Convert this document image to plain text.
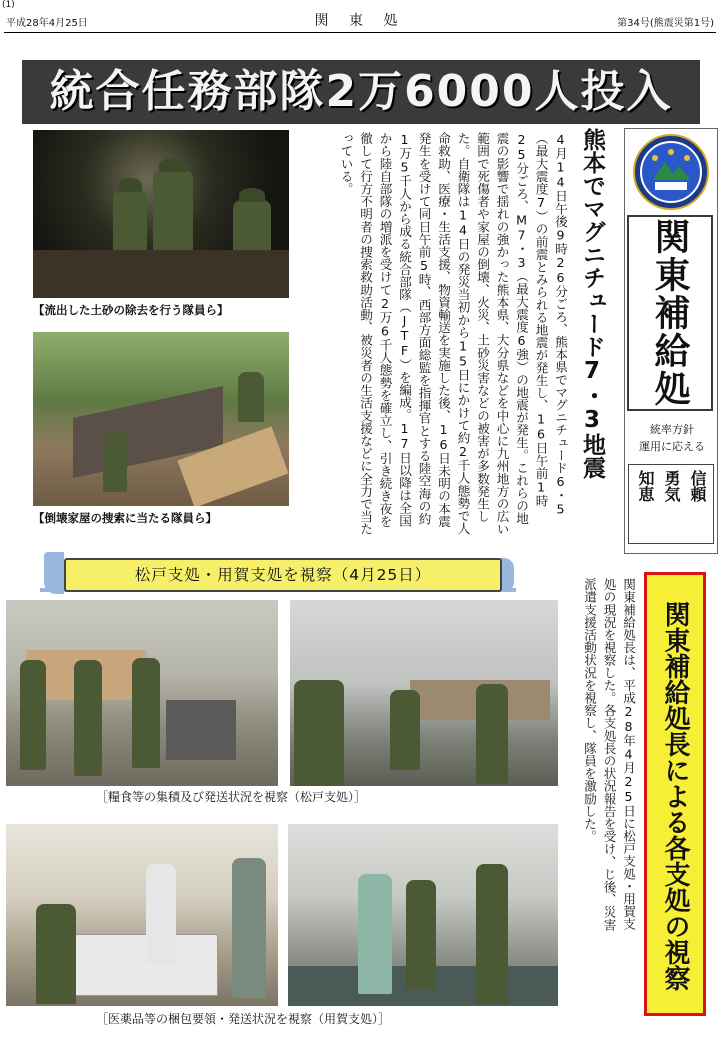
(1)
平成28年4月25日	関 東 処	第34号(熊震災第1号)
統合任務部隊2万6000人投入
【流出した土砂の除去を行う隊員ら】
【倒壊家屋の捜索に当たる隊員ら】
熊本でマグニチュード7・3地震
4月14日午後9時26分ごろ、熊本県でマグニチュード6・5（最大震度7）の前震とみられる地震が発生し、16日午前1時25分ごろ、M7・3（最大震度6強）の地震が発生。これらの地震の影響で揺れの強かった熊本県、大分県などを中心に九州地方の広い範囲で死傷者や家屋の倒壊、火災、土砂災害などの被害が多数発生した。自衛隊は14日の発災当初から15日にかけて約2千人態勢で人命救助、医療・生活支援、物資輸送を実施した後、16日未明の本震発生を受けて同日午前5時、西部方面総監を指揮官とする陸空海の約1万5千人から成る統合部隊（JTF）を編成。17日以降は全国から陸自部隊の増派を受けて2万6千人態勢を確立し、引き続き夜を徹して行方不明者の捜索救助活動、被災者の生活支援などに全力で当たっている。
関東補給処
統率方針
運用に応える
信頼
勇気
知恵
松戸支処・用賀支処を視察（4月25日）
［糧食等の集積及び発送状況を視察（松戸支処）］
［医薬品等の梱包要領・発送状況を視察（用賀支処）］
関東補給処長は、平成28年4月25日に松戸支処・用賀支処の現況を視察した。各支処長の状況報告を受け、じ後、災害派遣支援活動状況を視察し、隊員を激励した。	関東補給処長による各支処の視察
